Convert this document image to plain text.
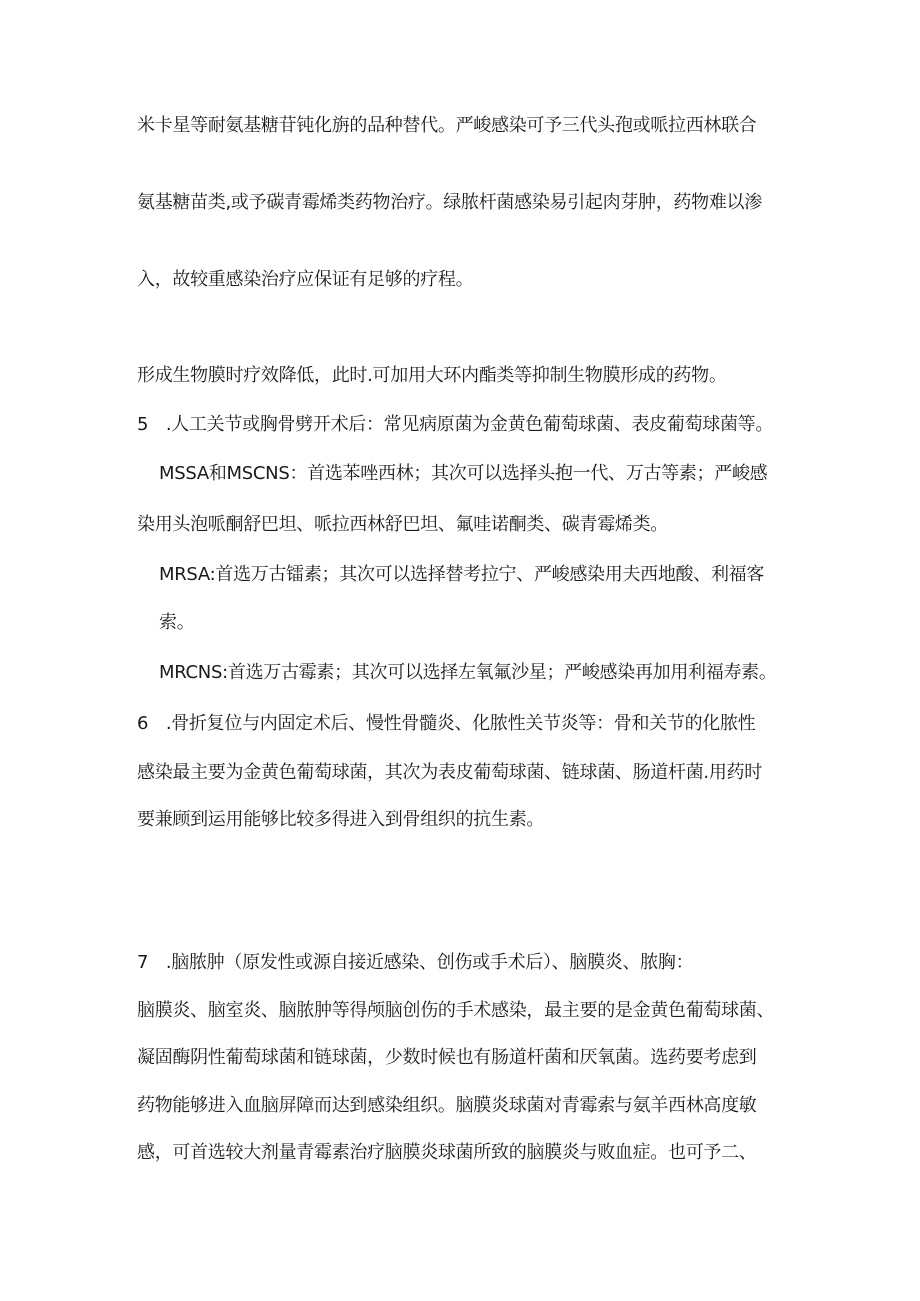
米卡星等耐氨基糖苷钝化旃的品种替代。严峻感染可予三代头孢或哌拉西林联合
氨基糖苗类,或予碳青霉烯类药物治疗。绿脓杆菌感染易引起肉芽肿，药物难以渗
入，故较重感染治疗应保证有足够的疗程。
形成生物膜时疗效降低，此时.可加用大环内酯类等抑制生物膜形成的药物。
5 .人工关节或胸骨劈开术后：常见病原菌为金黄色葡萄球菌、表皮葡萄球菌等。
MSSA和MSCNS：首选苯唑西林；其次可以选择头抱一代、万古等素；严峻感
染用头泡哌酮舒巴坦、哌拉西林舒巴坦、氟哇诺酮类、碳青霉烯类。
MRSA:首选万古镭素；其次可以选择替考拉宁、严峻感染用夫西地酸、利福客
索。
MRCNS:首选万古霉素；其次可以选择左氧氟沙星；严峻感染再加用利福寿素。
6 .骨折复位与内固定术后、慢性骨髓炎、化脓性关节炎等：骨和关节的化脓性
感染最主要为金黄色葡萄球菌，其次为表皮葡萄球菌、链球菌、肠道杆菌.用药时
要兼顾到运用能够比较多得进入到骨组织的抗生素。
7 .脑脓肿（原发性或源自接近感染、创伤或手术后）、脑膜炎、脓胸：
脑膜炎、脑室炎、脑脓肿等得颅脑创伤的手术感染，最主要的是金黄色葡萄球菌、
凝固酶阴性葡萄球菌和链球菌，少数时候也有肠道杆菌和厌氧菌。选药要考虑到
药物能够进入血脑屏障而达到感染组织。脑膜炎球菌对青霉索与氨羊西林高度敏
感，可首选较大剂量青霉素治疗脑膜炎球菌所致的脑膜炎与败血症。也可予二、
